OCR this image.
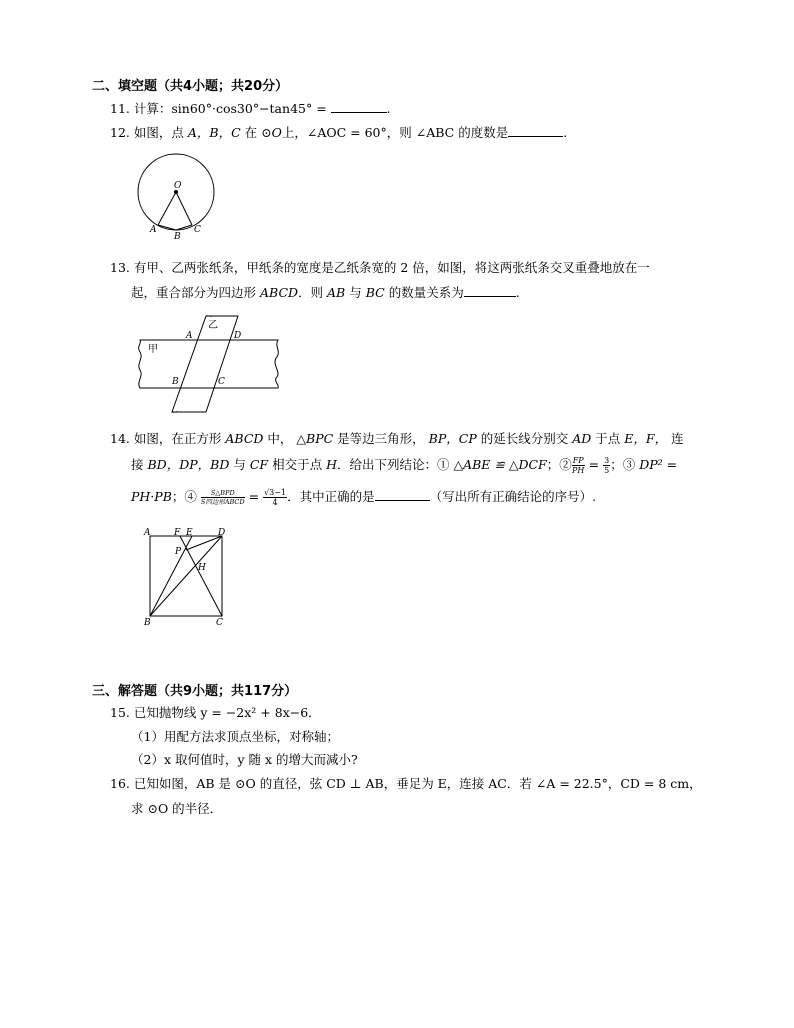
二、填空题（共4小题；共20分）
11. 计算：sin60°·cos30°−tan45° =	.
12. 如图，点 A，B，C 在 ⊙O上，∠AOC = 60°，则 ∠ABC 的度数是	.
O
A
B
C
13. 有甲、乙两张纸条，甲纸条的宽度是乙纸条宽的 2 倍，如图，将这两张纸条交叉重叠地放在一
起，重合部分为四边形 ABCD．则 AB 与 BC 的数量关系为	.
甲
乙
A	D
B	C
14. 如图，在正方形 ABCD 中， △BPC 是等边三角形， BP，CP 的延长线分别交 AD 于点 E，F， 连
接 BD，DP，BD 与 CF 相交于点 H．给出下列结论：① △ABE ≌ △DCF；② $\frac{FP}{PH} = \frac{3}{5}$ ；③ DP² =
PH·PB；④ $\frac{\text{S△BPD}}{\text{S四边形ABCD}} = \frac{√3-1}{4}$ ．其中正确的是	（写出所有正确结论的序号）.
A	F E	D
P
H
B	C
三、解答题（共9小题；共117分）
15. 已知抛物线 y = −2x² + 8x−6．
（1）用配方法求顶点坐标，对称轴；
（2）x 取何值时，y 随 x 的增大而减小?
16. 已知如图，AB 是 ⊙O 的直径，弦 CD ⊥ AB，垂足为 E，连接 AC．若 ∠A = 22.5°，CD = 8 cm，
求 ⊙O 的半径．
